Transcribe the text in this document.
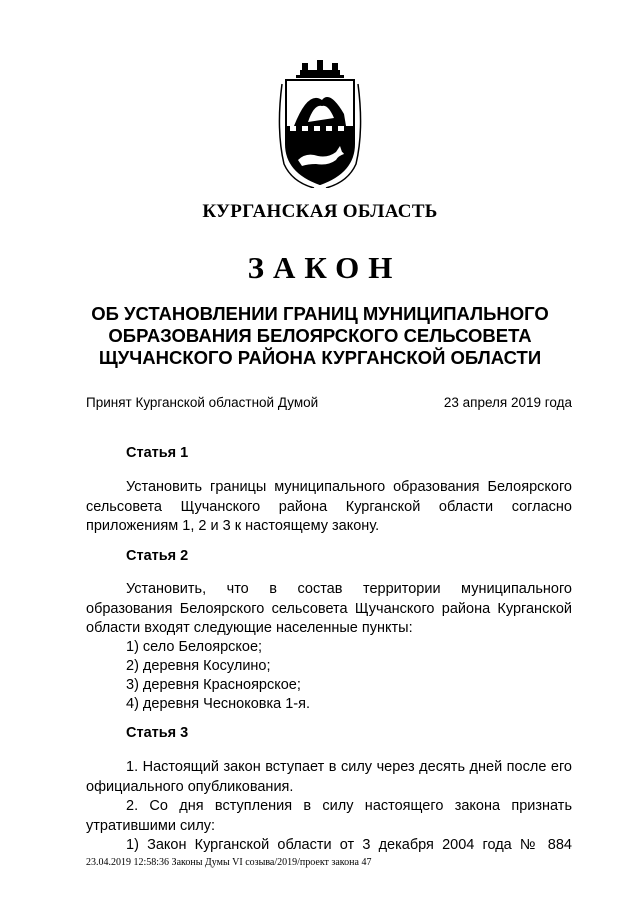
КУРГАНСКАЯ ОБЛАСТЬ
ЗАКОН
ОБ УСТАНОВЛЕНИИ ГРАНИЦ МУНИЦИПАЛЬНОГО
ОБРАЗОВАНИЯ БЕЛОЯРСКОГО СЕЛЬСОВЕТА
ЩУЧАНСКОГО РАЙОНА КУРГАНСКОЙ ОБЛАСТИ
Принят Курганской областной Думой	23 апреля 2019 года
Статья 1
Установить границы муниципального образования Белоярского сельсовета Щучанского района Курганской области согласно приложениям 1, 2 и 3 к настоящему закону.
Статья 2
Установить, что в состав территории муниципального образования Белоярского сельсовета Щучанского района Курганской области входят следующие населенные пункты:
1) село Белоярское;
2) деревня Косулино;
3) деревня Красноярское;
4) деревня Чесноковка 1-я.
Статья 3
1. Настоящий закон вступает в силу через десять дней после его официального опубликования.
2. Со дня вступления в силу настоящего закона признать утратившими силу:
1) Закон Курганской области от 3 декабря 2004 года № 884
23.04.2019 12:58:36 Законы Думы VI созыва/2019/проект закона 47
